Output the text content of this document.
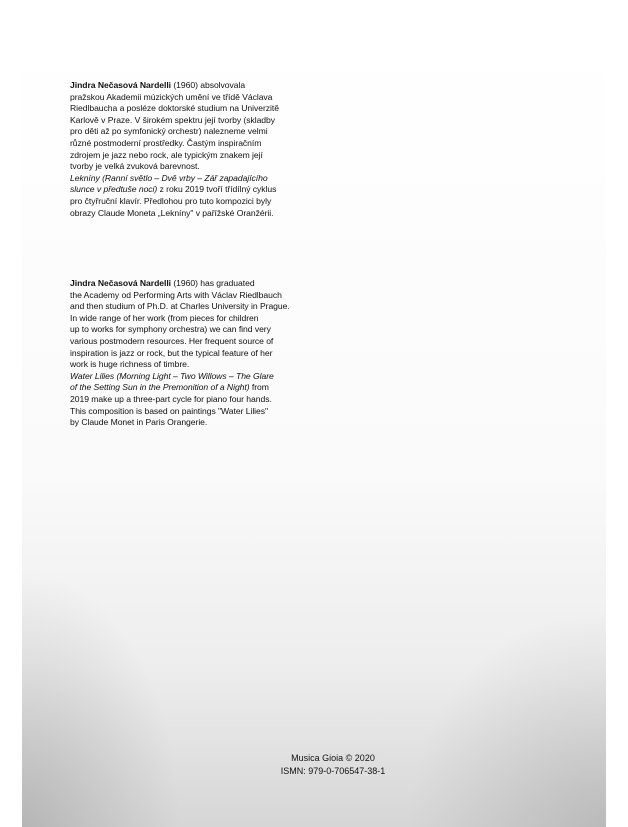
Jindra Nečasová Nardelli (1960) absolvovala
pražskou Akademii múzických umění ve třídě Václava
Riedlbaucha a posléze doktorské studium na Univerzitě
Karlově v Praze. V širokém spektru její tvorby (skladby
pro děti až po symfonický orchestr) nalezneme velmi
různé postmoderní prostředky. Častým inspiračním
zdrojem je jazz nebo rock, ale typickým znakem její
tvorby je velká zvuková barevnost.
Lekníny (Ranní světlo – Dvě vrby – Zář zapadajícího
slunce v předtuše noci) z roku 2019 tvoří třídílný cyklus
pro čtyřruční klavír. Předlohou pro tuto kompozici byly
obrazy Claude Moneta „Lekníny" v pařížské Oranžérii.
Jindra Nečasová Nardelli (1960) has graduated
the Academy od Performing Arts with Václav Riedlbauch
and then studium of Ph.D. at Charles University in Prague.
In wide range of her work (from pieces for children
up to works for symphony orchestra) we can find very
various postmodern resources. Her frequent source of
inspiration is jazz or rock, but the typical feature of her
work is huge richness of timbre.
Water Lilies (Morning Light – Two Willows – The Glare
of the Setting Sun in the Premonition of a Night) from
2019 make up a three-part cycle for piano four hands.
This composition is based on paintings "Water Lilies"
by Claude Monet in Paris Orangerie.
Musica Gioia © 2020
ISMN: 979-0-706547-38-1
